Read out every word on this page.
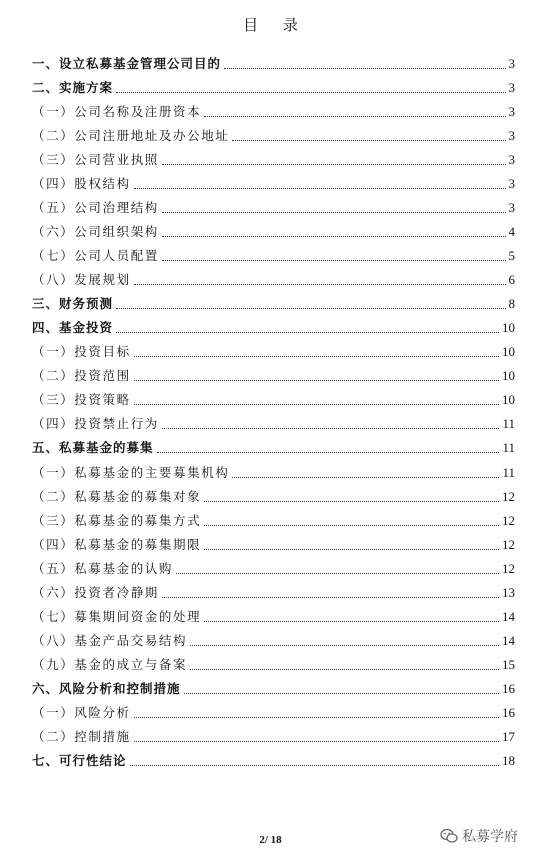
目 录
一、设立私募基金管理公司目的	3
二、实施方案	3
（一）公司名称及注册资本	3
（二）公司注册地址及办公地址	3
（三）公司营业执照	3
（四）股权结构	3
（五）公司治理结构	3
（六）公司组织架构	4
（七）公司人员配置	5
（八）发展规划	6
三、财务预测	8
四、基金投资	10
（一）投资目标	10
（二）投资范围	10
（三）投资策略	10
（四）投资禁止行为	11
五、私募基金的募集	11
（一）私募基金的主要募集机构	11
（二）私募基金的募集对象	12
（三）私募基金的募集方式	12
（四）私募基金的募集期限	12
（五）私募基金的认购	12
（六）投资者冷静期	13
（七）募集期间资金的处理	14
（八）基金产品交易结构	14
（九）基金的成立与备案	15
六、风险分析和控制措施	16
（一）风险分析	16
（二）控制措施	17
七、可行性结论	18
2/ 18	私募学府
